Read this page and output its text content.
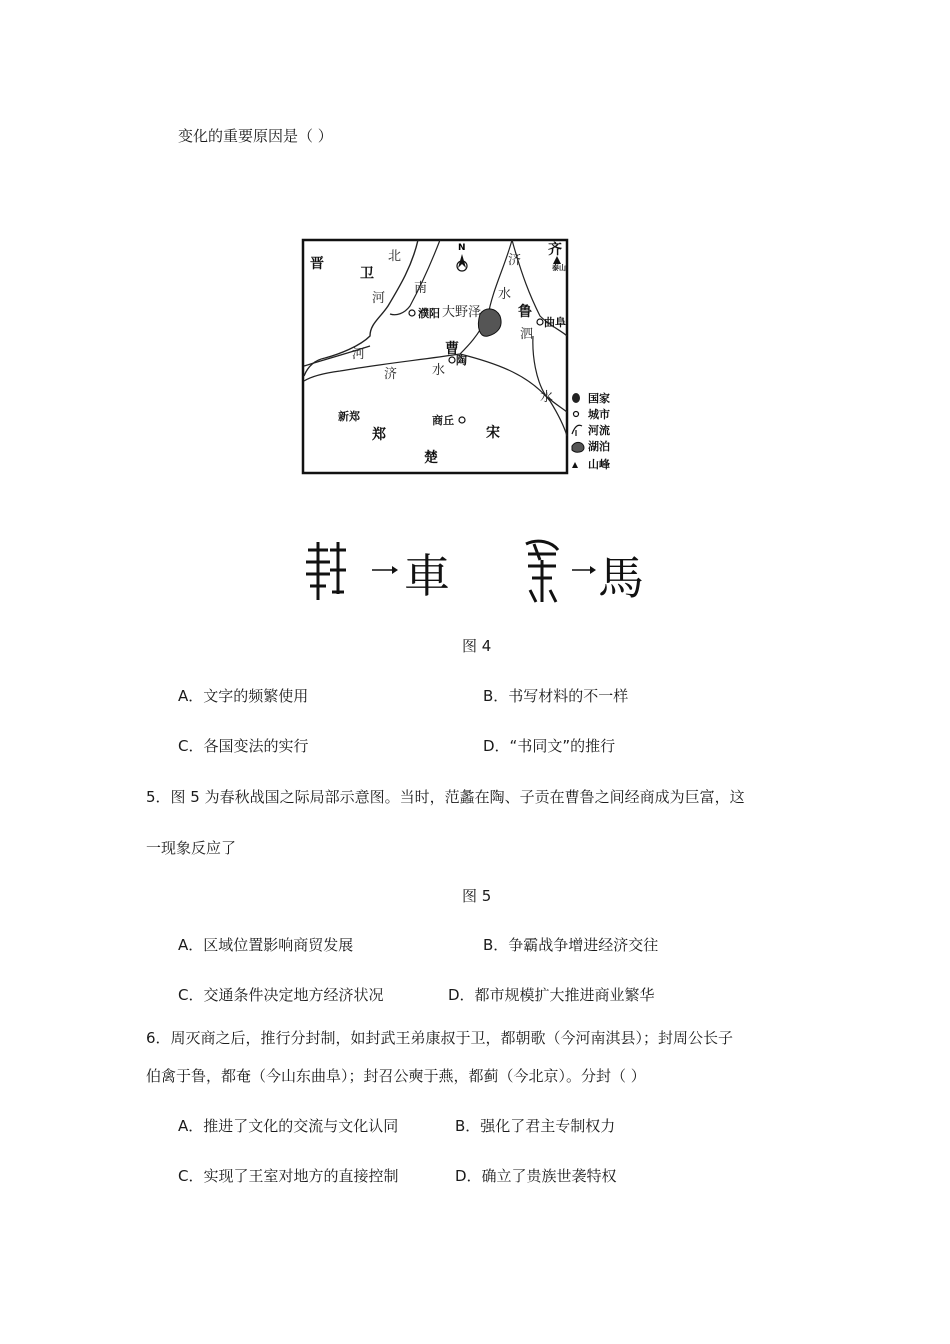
变化的重要原因是（ ）
晋
卫
齐
鲁
曹
郑	宋
楚
北
河
南
河
济
水
济	水
泗
水
濮阳
陶
曲阜
新郑	商丘
泰山
N
大野泽
国家
城市
河流
湖泊
山峰
車	馬
图 4
A．文字的频繁使用	B．书写材料的不一样
C．各国变法的实行	D．“书同文”的推行
5．图 5 为春秋战国之际局部示意图。当时，范蠡在陶、子贡在曹鲁之间经商成为巨富，这
一现象反应了
图 5
A．区域位置影响商贸发展	B．争霸战争增进经济交往
C．交通条件决定地方经济状况	D．都市规模扩大推进商业繁华
6．周灭商之后，推行分封制，如封武王弟康叔于卫，都朝歌（今河南淇县）；封周公长子
伯禽于鲁，都奄（今山东曲阜）；封召公奭于燕，都蓟（今北京）。分封（ ）
A．推进了文化的交流与文化认同	B．强化了君主专制权力
C．实现了王室对地方的直接控制	D．确立了贵族世袭特权
